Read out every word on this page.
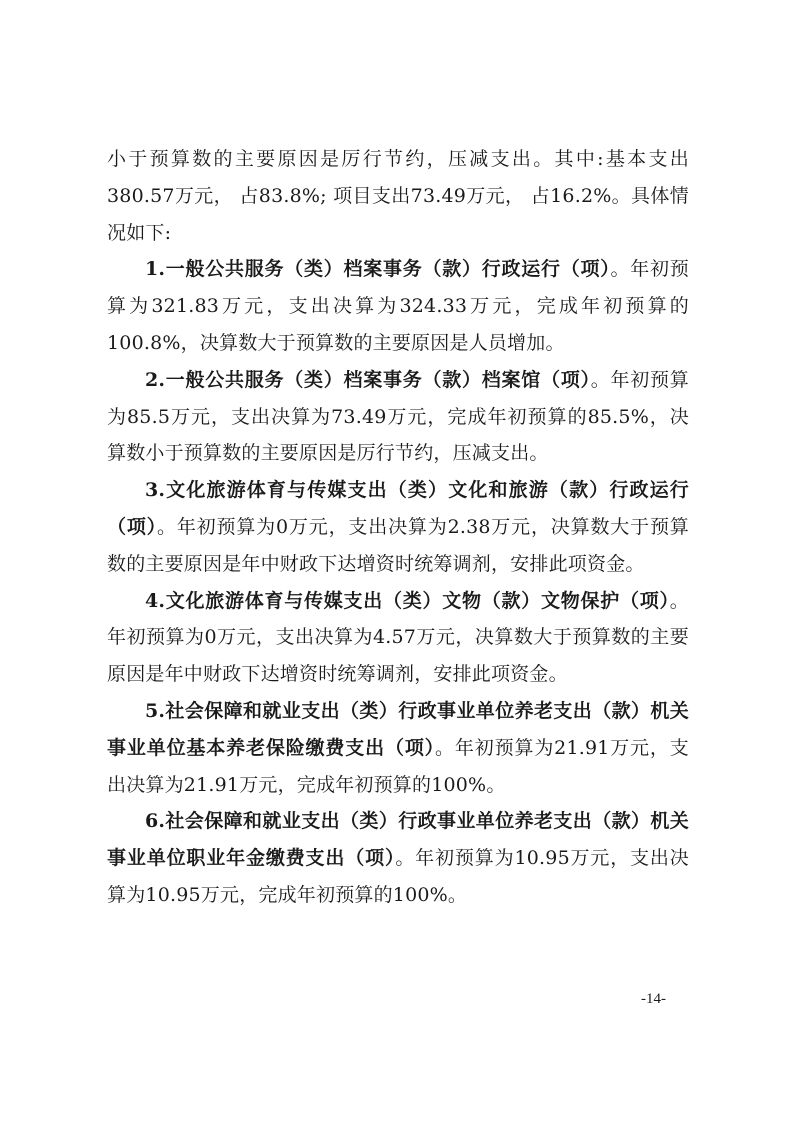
小于预算数的主要原因是厉行节约，压减支出。其中:基本支出380.57万元， 占83.8%; 项目支出73.49万元， 占16.2%。具体情况如下:

1.一般公共服务（类）档案事务（款）行政运行（项）。年初预算为321.83万元，支出决算为324.33万元，完成年初预算的100.8%，决算数大于预算数的主要原因是人员增加。

2.一般公共服务（类）档案事务（款）档案馆（项）。年初预算为85.5万元，支出决算为73.49万元，完成年初预算的85.5%，决算数小于预算数的主要原因是厉行节约，压减支出。

3.文化旅游体育与传媒支出（类）文化和旅游（款）行政运行（项）。年初预算为0万元，支出决算为2.38万元，决算数大于预算数的主要原因是年中财政下达增资时统筹调剂，安排此项资金。

4.文化旅游体育与传媒支出（类）文物（款）文物保护（项）。年初预算为0万元，支出决算为4.57万元，决算数大于预算数的主要原因是年中财政下达增资时统筹调剂，安排此项资金。

5.社会保障和就业支出（类）行政事业单位养老支出（款）机关事业单位基本养老保险缴费支出（项）。年初预算为21.91万元，支出决算为21.91万元，完成年初预算的100%。

6.社会保障和就业支出（类）行政事业单位养老支出（款）机关事业单位职业年金缴费支出（项）。年初预算为10.95万元，支出决算为10.95万元，完成年初预算的100%。

-14-
